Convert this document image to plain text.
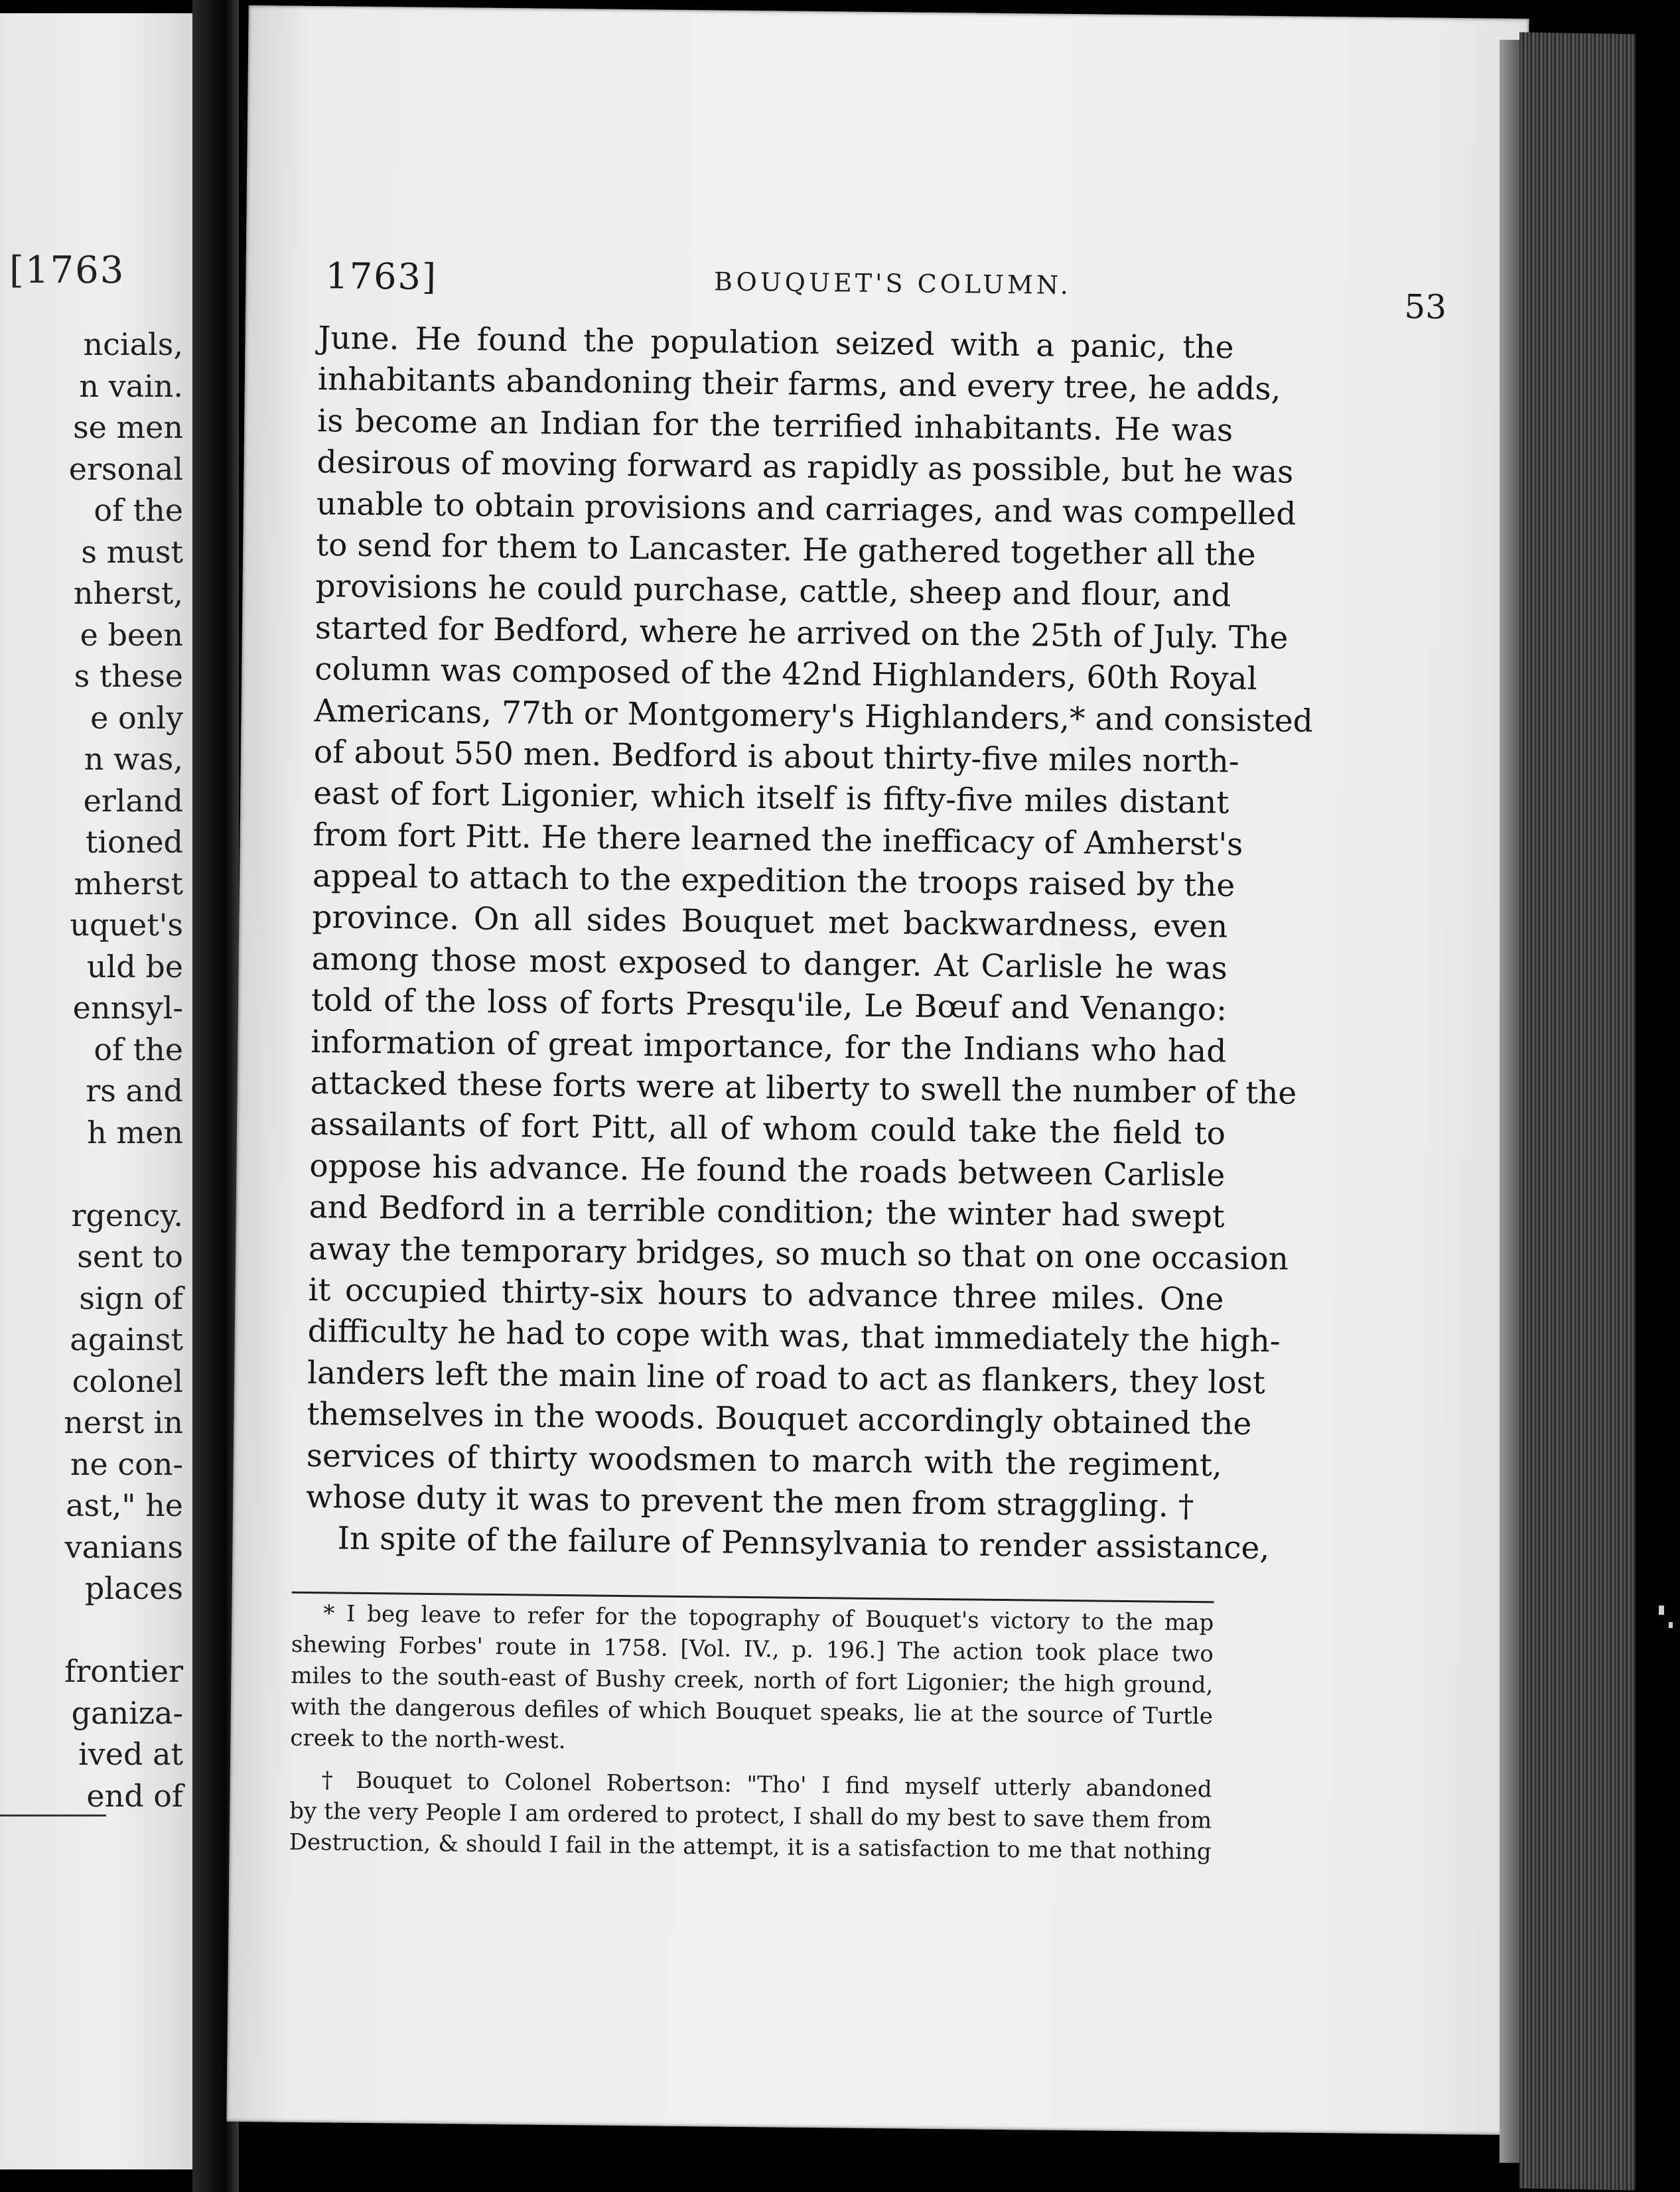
[1763
ncials,
n vain.
se men
ersonal
of the
s must
nherst,
e been
s these
e only
n was,
erland
tioned
mherst
uquet's
uld be
ennsyl-
of the
rs and
h men
rgency.
sent to
sign of
against
colonel
nerst in
ne con-
ast," he
vanians
places
frontier
ganiza-
ived at
end of
1763]	BOUQUET'S COLUMN.
53
June. He found the population seized with a panic, the
inhabitants abandoning their farms, and every tree, he adds,
is become an Indian for the terrified inhabitants. He was
desirous of moving forward as rapidly as possible, but he was
unable to obtain provisions and carriages, and was compelled
to send for them to Lancaster. He gathered together all the
provisions he could purchase, cattle, sheep and flour, and
started for Bedford, where he arrived on the 25th of July. The
column was composed of the 42nd Highlanders, 60th Royal
Americans, 77th or Montgomery's Highlanders,* and consisted
of about 550 men. Bedford is about thirty-five miles north-
east of fort Ligonier, which itself is fifty-five miles distant
from fort Pitt. He there learned the inefficacy of Amherst's
appeal to attach to the expedition the troops raised by the
province. On all sides Bouquet met backwardness, even
among those most exposed to danger. At Carlisle he was
told of the loss of forts Presqu'ile, Le Bœuf and Venango:
information of great importance, for the Indians who had
attacked these forts were at liberty to swell the number of the
assailants of fort Pitt, all of whom could take the field to
oppose his advance. He found the roads between Carlisle
and Bedford in a terrible condition; the winter had swept
away the temporary bridges, so much so that on one occasion
it occupied thirty-six hours to advance three miles. One
difficulty he had to cope with was, that immediately the high-
landers left the main line of road to act as flankers, they lost
themselves in the woods. Bouquet accordingly obtained the
services of thirty woodsmen to march with the regiment,
whose duty it was to prevent the men from straggling. †
In spite of the failure of Pennsylvania to render assistance,
* I beg leave to refer for the topography of Bouquet's victory to the map
shewing Forbes' route in 1758. [Vol. IV., p. 196.] The action took place two
miles to the south-east of Bushy creek, north of fort Ligonier; the high ground,
with the dangerous defiles of which Bouquet speaks, lie at the source of Turtle
creek to the north-west.
† Bouquet to Colonel Robertson: "Tho' I find myself utterly abandoned
by the very People I am ordered to protect, I shall do my best to save them from
Destruction, & should I fail in the attempt, it is a satisfaction to me that nothing
